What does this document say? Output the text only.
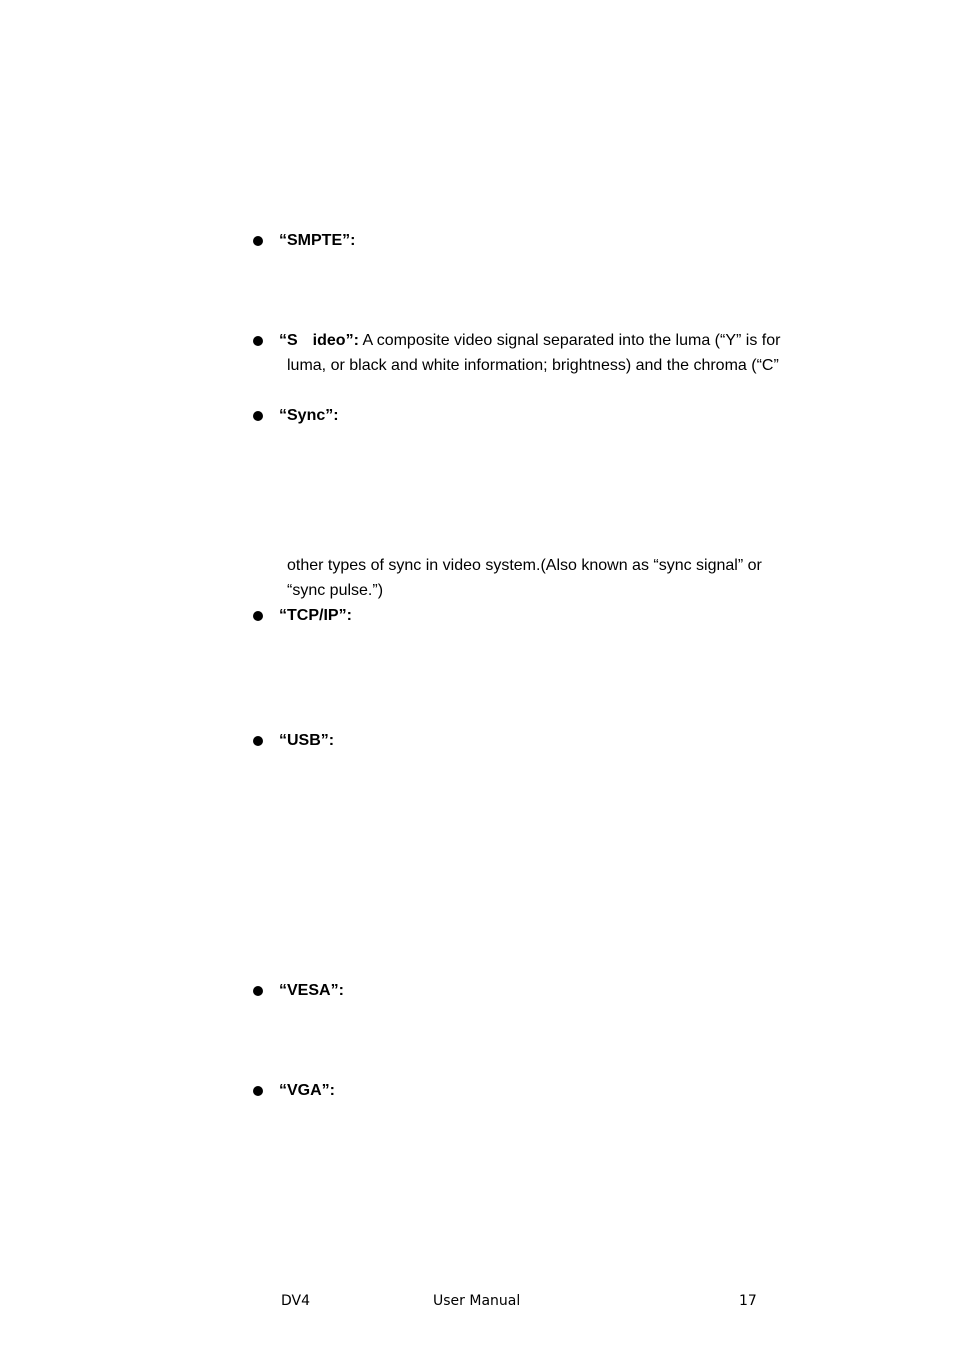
“SMPTE”:
“S ideo”: A composite video signal separated into the luma (“Y” is for
luma, or black and white information; brightness) and the chroma (“C”
“Sync”:
other types of sync in video system.(Also known as “sync signal” or
“sync pulse.”)
“TCP/IP”:
“USB”:
“VESA”:
“VGA”:
DV4	User Manual	17
